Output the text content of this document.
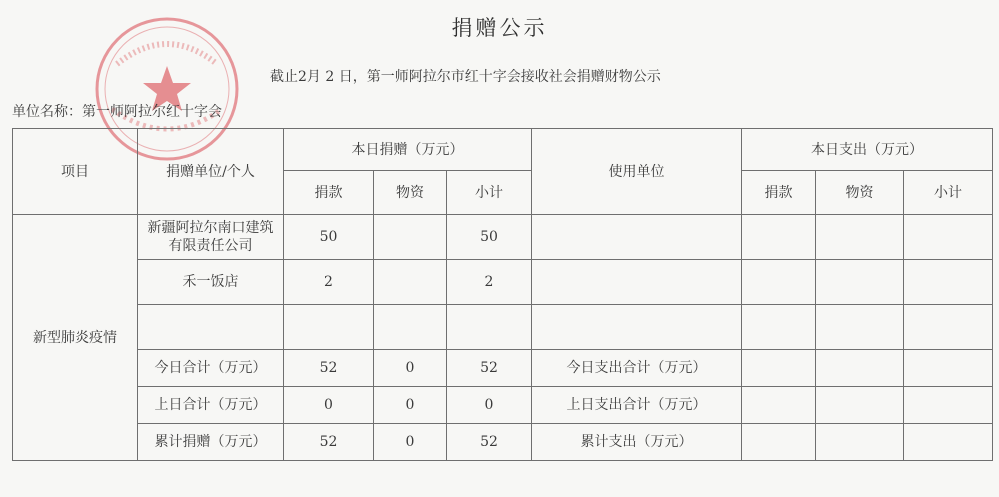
捐赠公示
截止2月 2 日，第一师阿拉尔市红十字会接收社会捐赠财物公示
单位名称：第一师阿拉尔红十字会
项目	捐赠单位/个人	本日捐赠（万元）			使用单位	本日支出（万元）		
		捐款	物资	小计		捐款	物资	小计
新型肺炎疫情	新疆阿拉尔南口建筑有限责任公司	50		50				
	禾一饭店	2		2				

	今日合计（万元）	52	0	52	今日支出合计（万元）			
	上日合计（万元）	0	0	0	上日支出合计（万元）			
	累计捐赠（万元）	52	0	52	累计支出（万元）			
